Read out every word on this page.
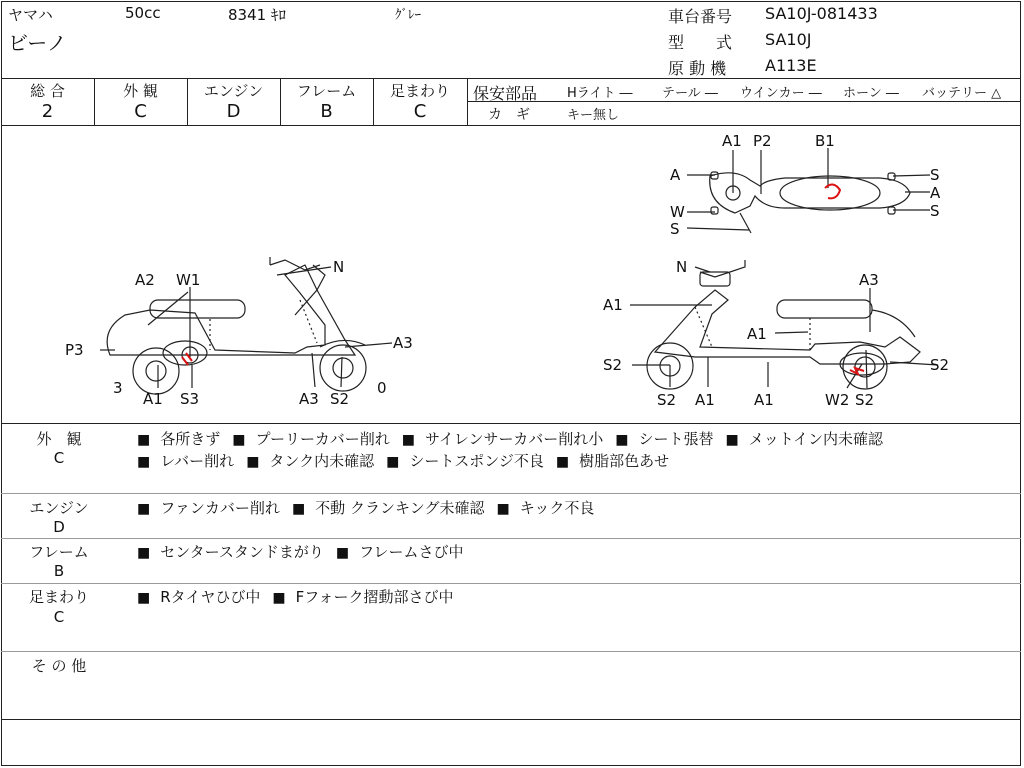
ヤマハ	50cc	8341 ｷﾛ	ｸﾞﾚｰ
ビーノ
車台番号 SA10J-081433
型　　式 SA10J
原 動 機 A113E
総 合
2
外 観
C
エンジン
D
フレーム
B
足まわり
C
保安部品 Hライト ― テール ― ウインカー ― ホーン ― バッテリー △
カ　ギ	キー無し
A2 W1
N
P3	A3
A1 S3	A3 S2
3	0
A1 P2	B1
A	S
A
W
S
S
N
A3
A1
A1
S2
S2
S2
A1	A1	W2 S2
外　観
C
■ 各所きず ■ プーリーカバー削れ ■ サイレンサーカバー削れ小 ■ シート張替 ■ メットイン内未確認
■ レバー削れ ■ タンク内未確認 ■ シートスポンジ不良 ■ 樹脂部色あせ
エンジン
D
■ ファンカバー削れ ■ 不動 クランキング未確認 ■ キック不良
フレーム
B
■ センタースタンドまがり ■ フレームさび中
足まわり
C
■ Rタイヤひび中 ■ Fフォーク摺動部さび中
そ の 他
